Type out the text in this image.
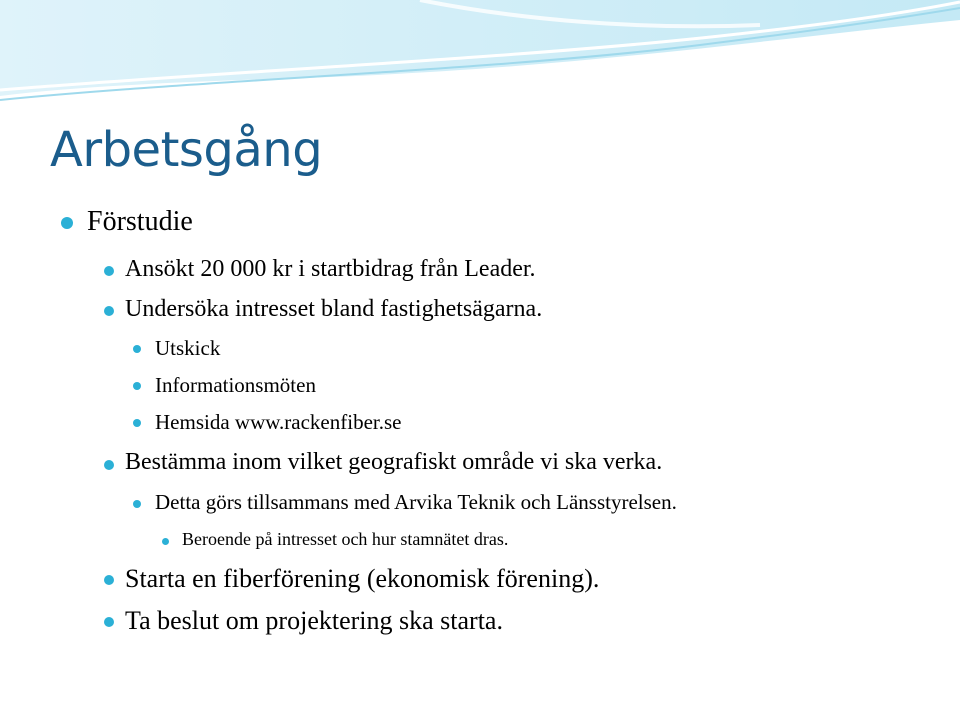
Arbetsgång
Förstudie
Ansökt 20 000 kr i startbidrag från Leader.
Undersöka intresset bland fastighetsägarna.
Utskick
Informationsmöten
Hemsida www.rackenfiber.se
Bestämma inom vilket geografiskt område vi ska verka.
Detta görs tillsammans med Arvika Teknik och Länsstyrelsen.
Beroende på intresset och hur stamnätet dras.
Starta en fiberförening (ekonomisk förening).
Ta beslut om projektering ska starta.
